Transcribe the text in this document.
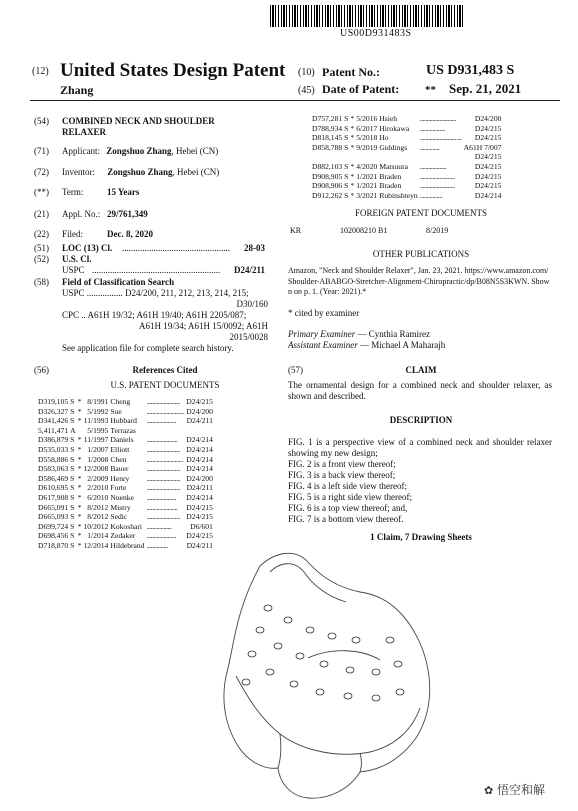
US00D931483S
(12) United States Design Patent (10) Patent No.:	US D931,483 S
Zhang	(45) Date of Patent: ** Sep. 21, 2021
(54) COMBINED NECK AND SHOULDER RELAXER
(71) Applicant: Zongshuo Zhang, Hebei (CN)
(72) Inventor: Zongshuo Zhang, Hebei (CN)
(**) Term:	15 Years
(21) Appl. No.: 29/761,349
(22) Filed:	Dec. 8, 2020
(51) LOC (13) Cl. ................................................	28-03
(52) U.S. Cl.
USPC .........................................................	D24/211
(58) Field of Classification Search
USPC ................ D24/200, 211, 212, 213, 214, 215;
D30/160
CPC .. A61H 19/32; A61H 19/40; A61H 2205/087;
A61H 19/34; A61H 15/0092; A61H
2015/0028
See application file for complete search history.
(56)	References Cited
U.S. PATENT DOCUMENTS
D319,105	S	*	8/1991	Cheng	........................	D24/215
D326,327	S	*	5/1992	Sue	...........................	D24/200
D341,426	S	*	11/1993	Hubbard	.....................	D24/211
5,411,471	A		5/1995	Terrazas		
D386,879	S	*	11/1997	Daniels	......................	D24/214
D535,033	S	*	1/2007	Elliott	........................	D24/214
D558,886	S	*	1/2008	Chen	..........................	D24/214
D583,063	S	*	12/2008	Bauer	........................	D24/214
D586,469	S	*	2/2009	Henry	........................	D24/200
D610,695	S	*	2/2010	Forte	........................	D24/211
D617,908	S	*	6/2010	Nuenke	.....................	D24/214
D665,091	S	*	8/2012	Mistry	......................	D24/215
D665,093	S	*	8/2012	Sedic	........................	D24/215
D699,724	S	*	10/2012	Kokoshari	..................	D6/601
D698,456	S	*	1/2014	Zedaker	.....................	D24/215
D718,870	S	*	12/2014	Hildebrand	...............	D24/211
D757,281	S	*	5/2016	Hsieh	..........................	D24/200
D788,934	S	*	6/2017	Hirokawa	..................	D24/215
D818,145	S	*	5/2018	Ho	..............................	D24/215
D858,788	S	*	9/2019	Giddings	..............	A61H 7/007
						D24/215
D882,103	S	*	4/2020	Matsuura	...................	D24/215
D908,905	S	*	1/2021	Braden	.........................	D24/215
D908,906	S	*	1/2021	Braden	.........................	D24/215
D912,262	S	*	3/2021	Rubinshteyn	................	D24/214
FOREIGN PATENT DOCUMENTS
KR	102008210 B1	8/2019
OTHER PUBLICATIONS
Amazon, "Neck and Shoulder Relaxer", Jan. 23, 2021. https://www.amazon.com/Shoulder-ABABGO-Stretcher-Alignment-Chiropractic/dp/B08N5S3KWN. Shown on p. 1. (Year: 2021).*
* cited by examiner
Primary Examiner — Cynthia Ramirez
Assistant Examiner — Michael A Maharajh
(57)	CLAIM
The ornamental design for a combined neck and shoulder relaxer, as shown and described.
DESCRIPTION
FIG. 1 is a perspective view of a combined neck and shoulder relaxer showing my new design;
FIG. 2 is a front view thereof;
FIG. 3 is a back view thereof;
FIG. 4 is a left side view thereof;
FIG. 5 is a right side view thereof;
FIG. 6 is a top view thereof; and,
FIG. 7 is a bottom view thereof.
1 Claim, 7 Drawing Sheets
✿ 悟空和解
